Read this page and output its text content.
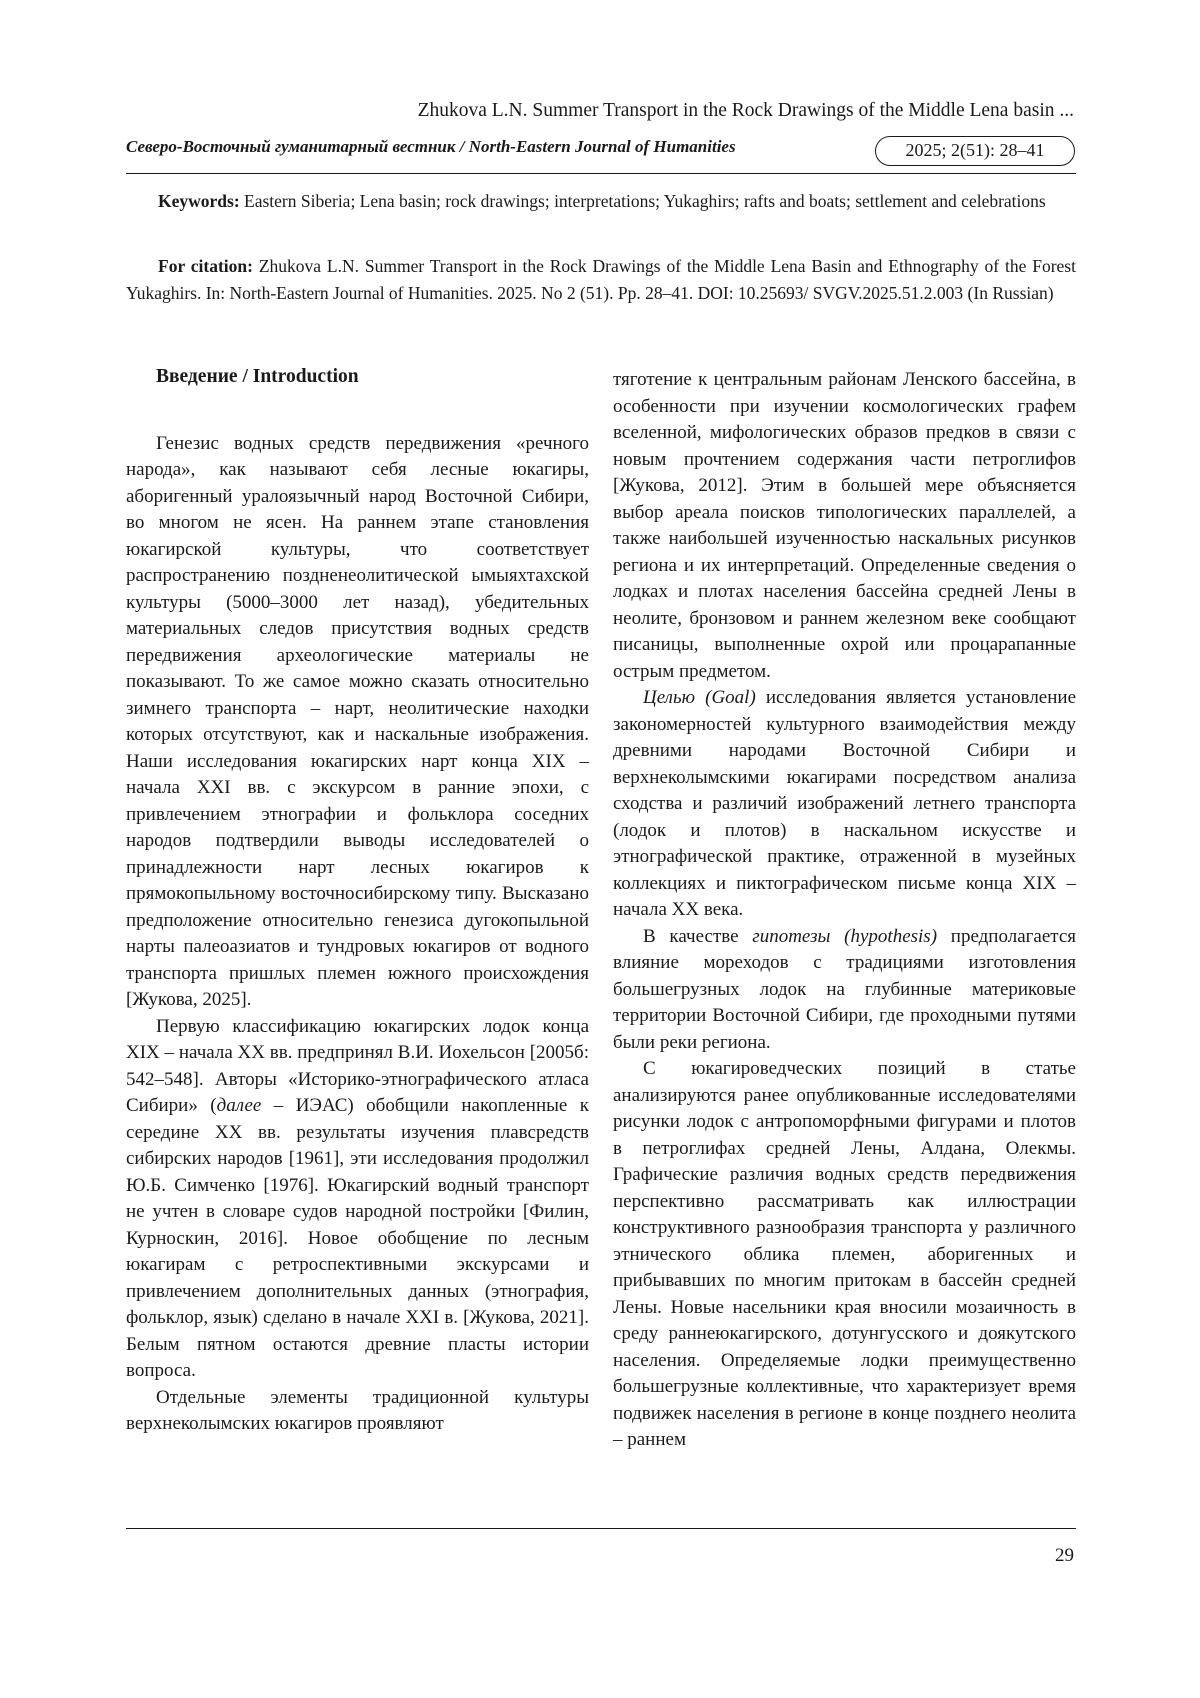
Zhukova L.N. Summer Transport in the Rock Drawings of the Middle Lena basin ...
Северо-Восточный гуманитарный вестник / North-Eastern Journal of Humanities	2025; 2(51): 28–41

Keywords: Eastern Siberia; Lena basin; rock drawings; interpretations; Yukaghirs; rafts and boats; settlement and celebrations

For citation: Zhukova L.N. Summer Transport in the Rock Drawings of the Middle Lena Basin and Ethnography of the Forest Yukaghirs. In: North-Eastern Journal of Humanities. 2025. No 2 (51). Pp. 28–41. DOI: 10.25693/ SVGV.2025.51.2.003 (In Russian)

Введение / Introduction

Генезис водных средств передвижения «речного народа», как называют себя лесные юкагиры, аборигенный уралоязычный народ Восточной Сибири, во многом не ясен. На раннем этапе становления юкагирской культуры, что соответствует распространению поздненеолитической ымыяхтахской культуры (5000–3000 лет назад), убедительных материальных следов присутствия водных средств передвижения археологические материалы не показывают. То же самое можно сказать относительно зимнего транспорта – нарт, неолитические находки которых отсутствуют, как и наскальные изображения. Наши исследования юкагирских нарт конца XIX – начала XXI вв. с экскурсом в ранние эпохи, с привлечением этнографии и фольклора соседних народов подтвердили выводы исследователей о принадлежности нарт лесных юкагиров к прямокопыльному восточносибирскому типу. Высказано предположение относительно генезиса дугокопыльной нарты палеоазиатов и тундровых юкагиров от водного транспорта пришлых племен южного происхождения [Жукова, 2025].

Первую классификацию юкагирских лодок конца XIX – начала XX вв. предпринял В.И. Иохельсон [2005б: 542–548]. Авторы «Историко-этнографического атласа Сибири» (далее – ИЭАС) обобщили накопленные к середине XX вв. результаты изучения плавсредств сибирских народов [1961], эти исследования продолжил Ю.Б. Симченко [1976]. Юкагирский водный транспорт не учтен в словаре судов народной постройки [Филин, Курноскин, 2016]. Новое обобщение по лесным юкагирам с ретроспективными экскурсами и привлечением дополнительных данных (этнография, фольклор, язык) сделано в начале XXI в. [Жукова, 2021]. Белым пятном остаются древние пласты истории вопроса.

Отдельные элементы традиционной культуры верхнеколымских юкагиров проявляют

тяготение к центральным районам Ленского бассейна, в особенности при изучении космологических графем вселенной, мифологических образов предков в связи с новым прочтением содержания части петроглифов [Жукова, 2012]. Этим в большей мере объясняется выбор ареала поисков типологических параллелей, а также наибольшей изученностью наскальных рисунков региона и их интерпретаций. Определенные сведения о лодках и плотах населения бассейна средней Лены в неолите, бронзовом и раннем железном веке сообщают писаницы, выполненные охрой или процарапанные острым предметом.

Целью (Goal) исследования является установление закономерностей культурного взаимодействия между древними народами Восточной Сибири и верхнеколымскими юкагирами посредством анализа сходства и различий изображений летнего транспорта (лодок и плотов) в наскальном искусстве и этнографической практике, отраженной в музейных коллекциях и пиктографическом письме конца XIX – начала XX века.

В качестве гипотезы (hypothesis) предполагается влияние мореходов с традициями изготовления большегрузных лодок на глубинные материковые территории Восточной Сибири, где проходными путями были реки региона.

С юкагироведческих позиций в статье анализируются ранее опубликованные исследователями рисунки лодок с антропоморфными фигурами и плотов в петроглифах средней Лены, Алдана, Олекмы. Графические различия водных средств передвижения перспективно рассматривать как иллюстрации конструктивного разнообразия транспорта у различного этнического облика племен, аборигенных и прибывавших по многим притокам в бассейн средней Лены. Новые насельники края вносили мозаичность в среду раннеюкагирского, дотунгусского и доякутского населения. Определяемые лодки преимущественно большегрузные коллективные, что характеризует время подвижек населения в регионе в конце позднего неолита – раннем

29
